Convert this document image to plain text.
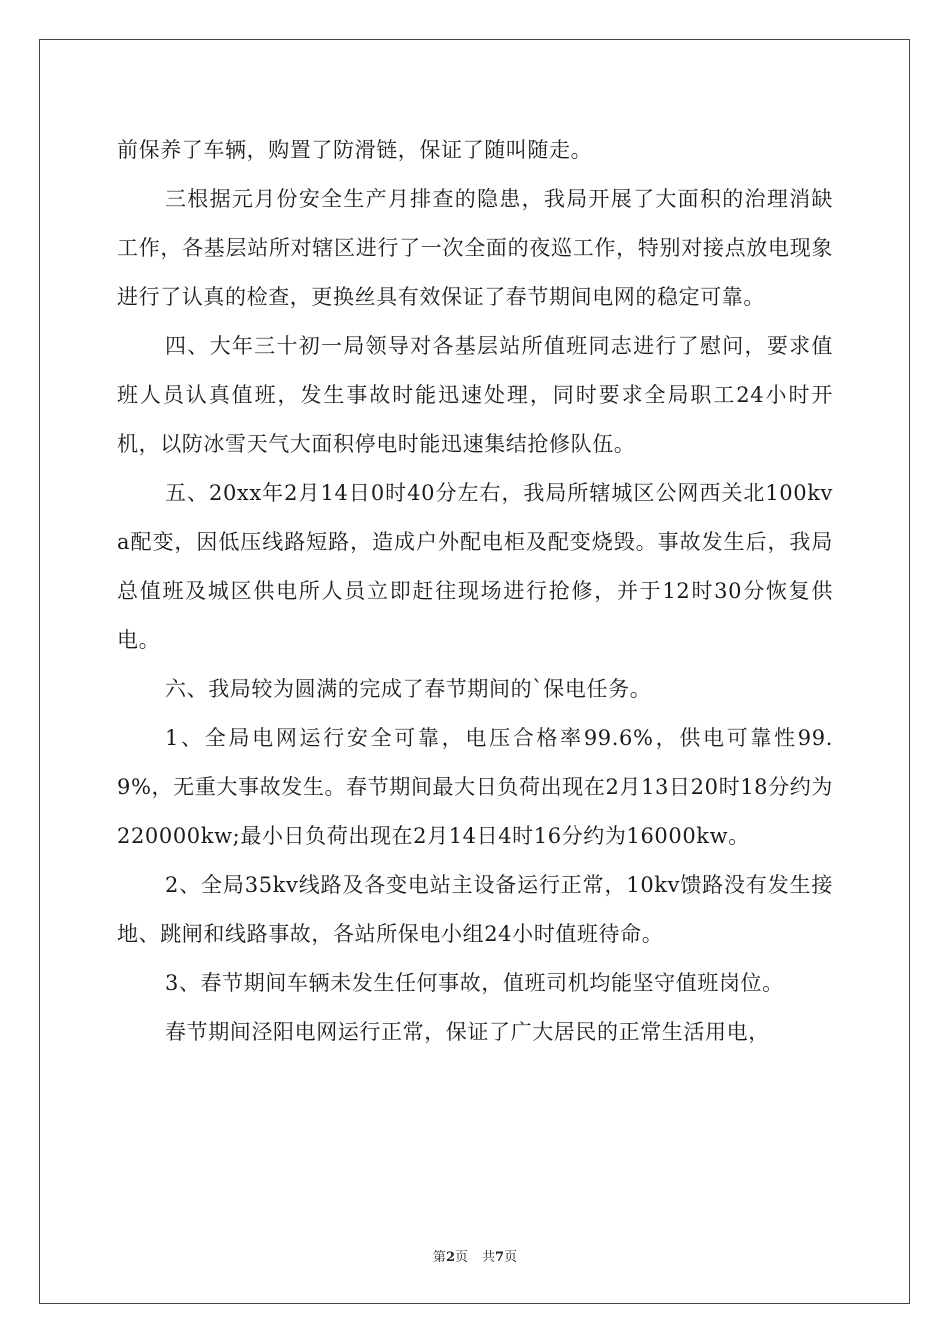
前保养了车辆，购置了防滑链，保证了随叫随走。

三根据元月份安全生产月排查的隐患，我局开展了大面积的治理消缺工作，各基层站所对辖区进行了一次全面的夜巡工作，特别对接点放电现象进行了认真的检查，更换丝具有效保证了春节期间电网的稳定可靠。

四、大年三十初一局领导对各基层站所值班同志进行了慰问，要求值班人员认真值班，发生事故时能迅速处理，同时要求全局职工24小时开机，以防冰雪天气大面积停电时能迅速集结抢修队伍。

五、20xx年2月14日0时40分左右，我局所辖城区公网西关北100kva配变，因低压线路短路，造成户外配电柜及配变烧毁。事故发生后，我局总值班及城区供电所人员立即赶往现场进行抢修，并于12时30分恢复供电。

六、我局较为圆满的完成了春节期间的`保电任务。

1、全局电网运行安全可靠，电压合格率99.6%，供电可靠性99.9%，无重大事故发生。春节期间最大日负荷出现在2月13日20时18分约为220000kw;最小日负荷出现在2月14日4时16分约为16000kw。

2、全局35kv线路及各变电站主设备运行正常，10kv馈路没有发生接地、跳闸和线路事故，各站所保电小组24小时值班待命。

3、春节期间车辆未发生任何事故，值班司机均能坚守值班岗位。

春节期间泾阳电网运行正常，保证了广大居民的正常生活用电，

第2页 共7页
